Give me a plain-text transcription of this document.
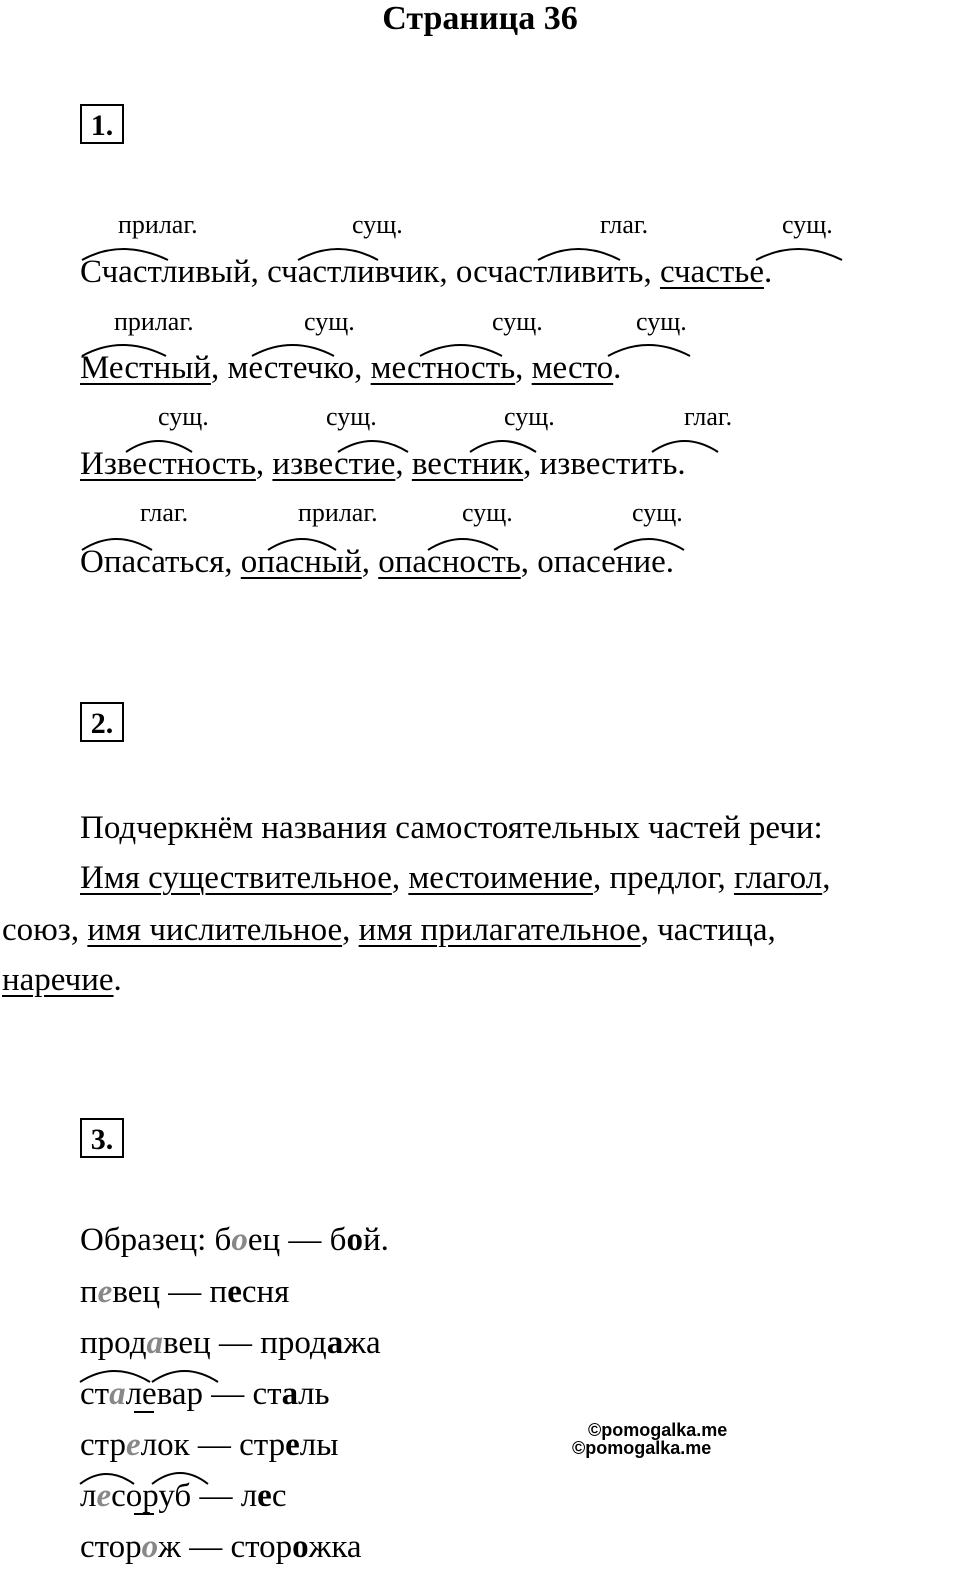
Страница 36
1.
прилаг.	сущ.	глаг.	сущ.
Счастливый, счастливчик, осчастливить, счастье.
прилаг.	сущ.	сущ.	сущ.
Местный, местечко, местность, место.
сущ.	сущ.	сущ.	глаг.
Известность, известие, вестник, известить.
глаг.	прилаг.	сущ.	сущ.
Опасаться, опасный, опасность, опасение.
2.
Подчеркнём названия самостоятельных частей речи:
Имя существительное, местоимение, предлог, глагол,
союз, имя числительное, имя прилагательное, частица,
наречие.
3.
Образец: боец — бой.
певец — песня
продавец — продажа
сталевар — сталь
стрелок — стрелы
лесоруб — лес
сторож — сторожка
©pomogalka.me
©pomogalka.me
